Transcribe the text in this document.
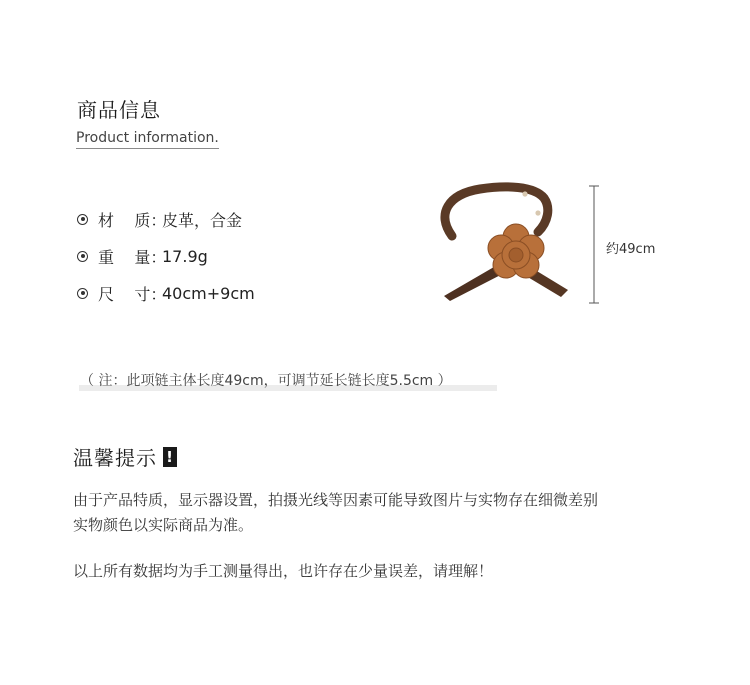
商品信息
Product information.
材    质：
皮革，合金
重    量：
17.9g
尺    寸：
40cm+9cm
约49cm
（ 注：此项链主体长度49cm，可调节延长链长度5.5cm ）
温馨提示 !
由于产品特质，显示器设置，拍摄光线等因素可能导致图片与实物存在细微差别
实物颜色以实际商品为准。
以上所有数据均为手工测量得出，也许存在少量误差，请理解！
